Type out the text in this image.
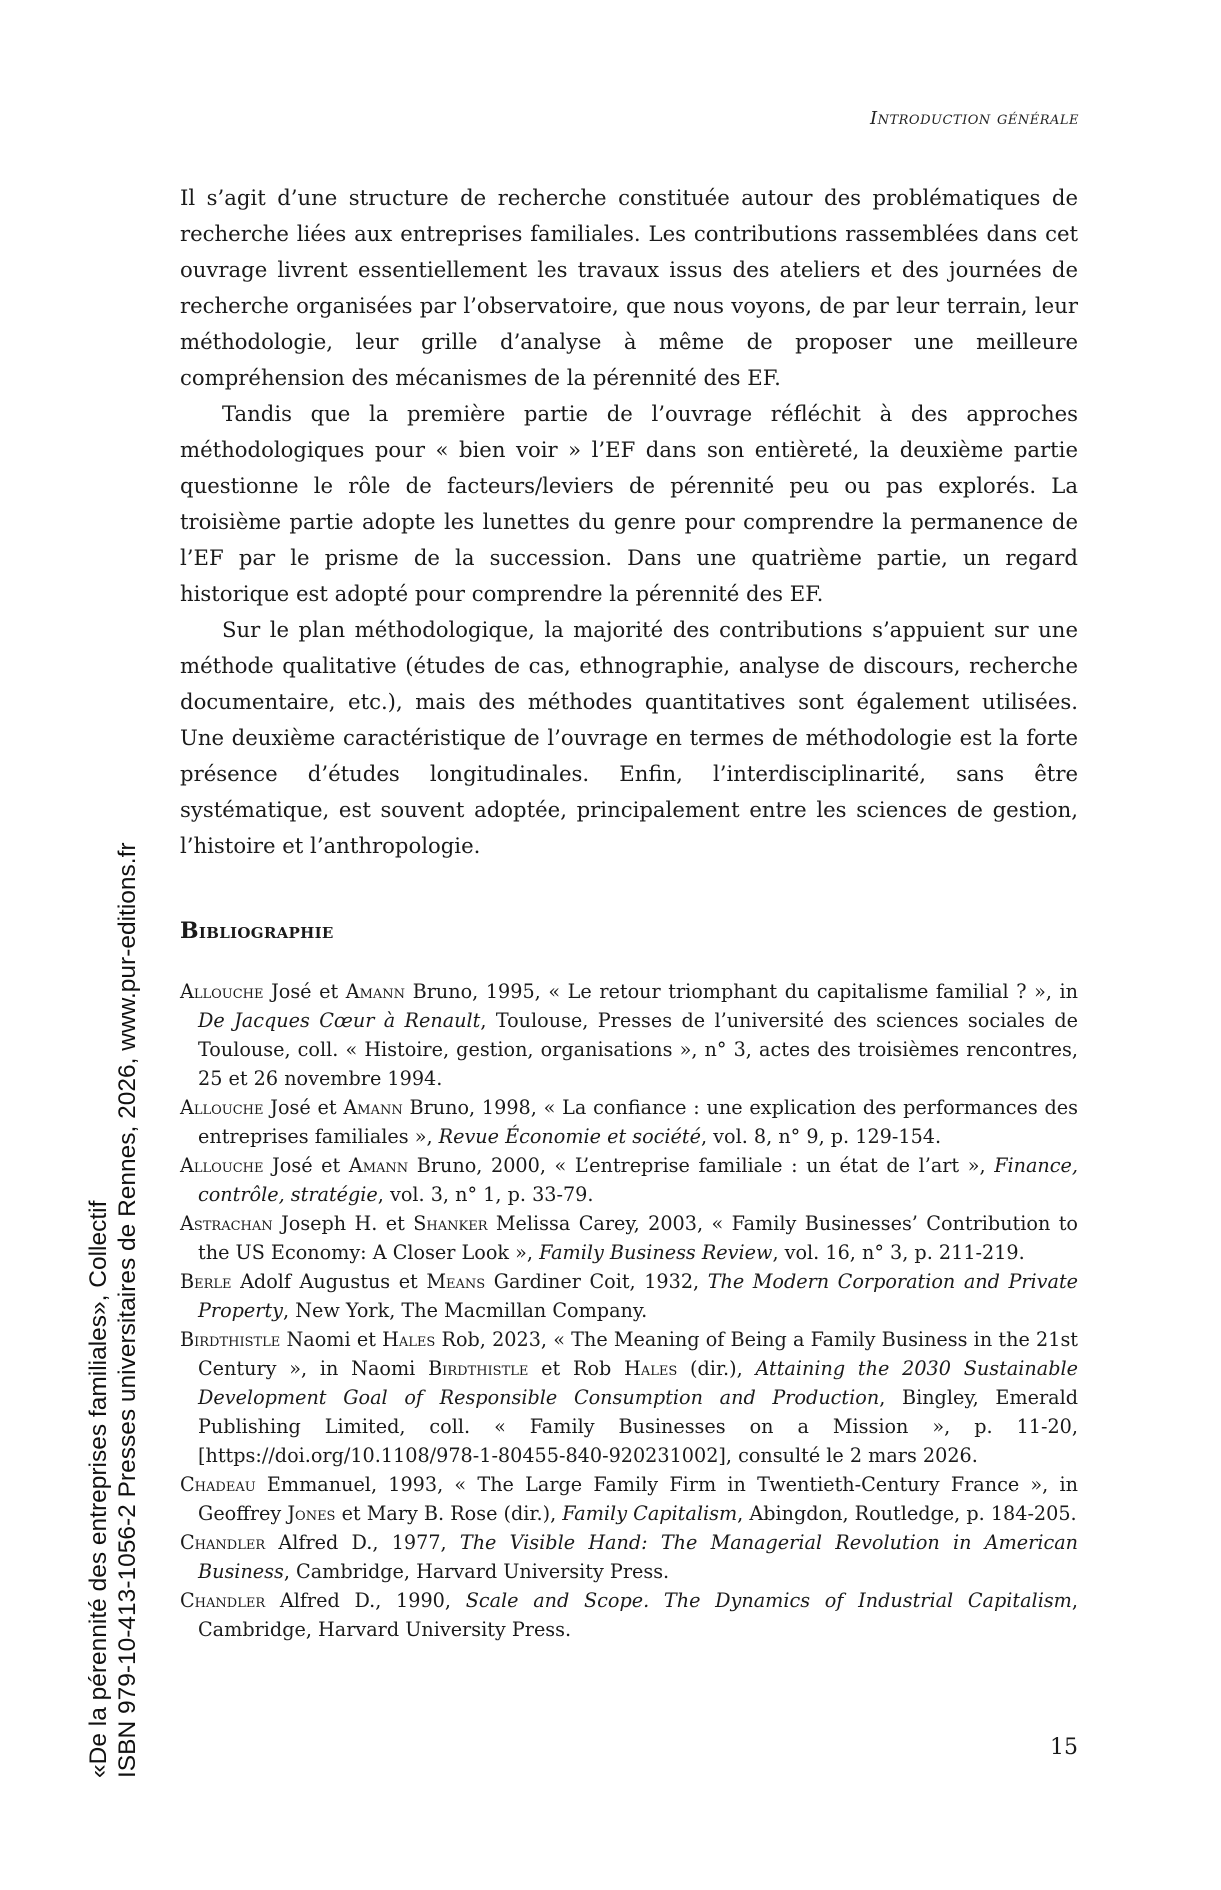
Introduction générale

Il s’agit d’une structure de recherche constituée autour des problématiques de recherche liées aux entreprises familiales. Les contributions rassemblées dans cet ouvrage livrent essentiellement les travaux issus des ateliers et des journées de recherche organisées par l’observatoire, que nous voyons, de par leur terrain, leur méthodologie, leur grille d’analyse à même de proposer une meilleure compréhension des mécanismes de la pérennité des EF.

Tandis que la première partie de l’ouvrage réfléchit à des approches méthodologiques pour « bien voir » l’EF dans son entièreté, la deuxième partie questionne le rôle de facteurs/leviers de pérennité peu ou pas explorés. La troisième partie adopte les lunettes du genre pour comprendre la permanence de l’EF par le prisme de la succession. Dans une quatrième partie, un regard historique est adopté pour comprendre la pérennité des EF.

Sur le plan méthodologique, la majorité des contributions s’appuient sur une méthode qualitative (études de cas, ethnographie, analyse de discours, recherche documentaire, etc.), mais des méthodes quantitatives sont également utilisées. Une deuxième caractéristique de l’ouvrage en termes de méthodologie est la forte présence d’études longitudinales. Enfin, l’interdisciplinarité, sans être systématique, est souvent adoptée, principalement entre les sciences de gestion, l’histoire et l’anthropologie.

Bibliographie
Allouche José et Amann Bruno, 1995, « Le retour triomphant du capitalisme familial ? », in De Jacques Cœur à Renault, Toulouse, Presses de l’université des sciences sociales de Toulouse, coll. « Histoire, gestion, organisations », n° 3, actes des troisièmes rencontres, 25 et 26 novembre 1994.
Allouche José et Amann Bruno, 1998, « La confiance : une explication des performances des entreprises familiales », Revue Économie et société, vol. 8, n° 9, p. 129-154.
Allouche José et Amann Bruno, 2000, « L’entreprise familiale : un état de l’art », Finance, contrôle, stratégie, vol. 3, n° 1, p. 33-79.
Astrachan Joseph H. et Shanker Melissa Carey, 2003, « Family Businesses’ Contribution to the US Economy: A Closer Look », Family Business Review, vol. 16, n° 3, p. 211-219.
Berle Adolf Augustus et Means Gardiner Coit, 1932, The Modern Corporation and Private Property, New York, The Macmillan Company.
Birdthistle Naomi et Hales Rob, 2023, « The Meaning of Being a Family Business in the 21st Century », in Naomi Birdthistle et Rob Hales (dir.), Attaining the 2030 Sustainable Development Goal of Responsible Consumption and Production, Bingley, Emerald Publishing Limited, coll. « Family Businesses on a Mission », p. 11-20, [https://doi.org/10.1108/978-1-80455-840-920231002], consulté le 2 mars 2026.
Chadeau Emmanuel, 1993, « The Large Family Firm in Twentieth-Century France », in Geoffrey Jones et Mary B. Rose (dir.), Family Capitalism, Abingdon, Routledge, p. 184-205.
Chandler Alfred D., 1977, The Visible Hand: The Managerial Revolution in American Business, Cambridge, Harvard University Press.
Chandler Alfred D., 1990, Scale and Scope. The Dynamics of Industrial Capitalism, Cambridge, Harvard University Press.
15
«De la pérennité des entreprises familiales», Collectif ISBN 979-10-413-1056-2 Presses universitaires de Rennes, 2026, www.pur-editions.fr
